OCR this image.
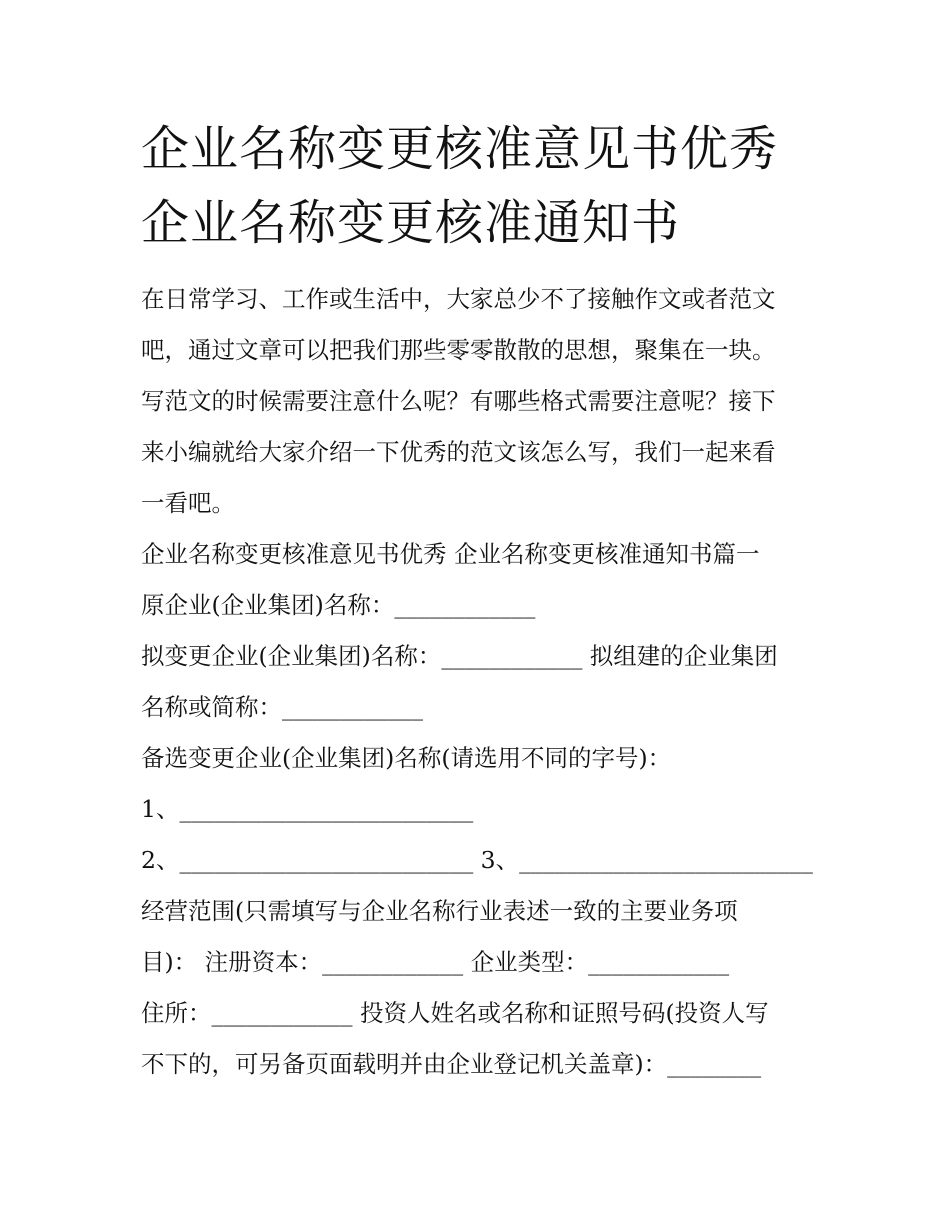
企业名称变更核准意见书优秀
企业名称变更核准通知书

在日常学习、工作或生活中，大家总少不了接触作文或者范文

吧，通过文章可以把我们那些零零散散的思想，聚集在一块。

写范文的时候需要注意什么呢？有哪些格式需要注意呢？接下

来小编就给大家介绍一下优秀的范文该怎么写，我们一起来看

一看吧。

企业名称变更核准意见书优秀 企业名称变更核准通知书篇一

原企业(企业集团)名称：____________

拟变更企业(企业集团)名称：____________ 拟组建的企业集团

名称或简称：____________

备选变更企业(企业集团)名称(请选用不同的字号)：

1、_________________________

2、_________________________ 3、_________________________

经营范围(只需填写与企业名称行业表述一致的主要业务项

目)： 注册资本：____________ 企业类型：____________

住所：____________ 投资人姓名或名称和证照号码(投资人写

不下的，可另备页面载明并由企业登记机关盖章)：________
